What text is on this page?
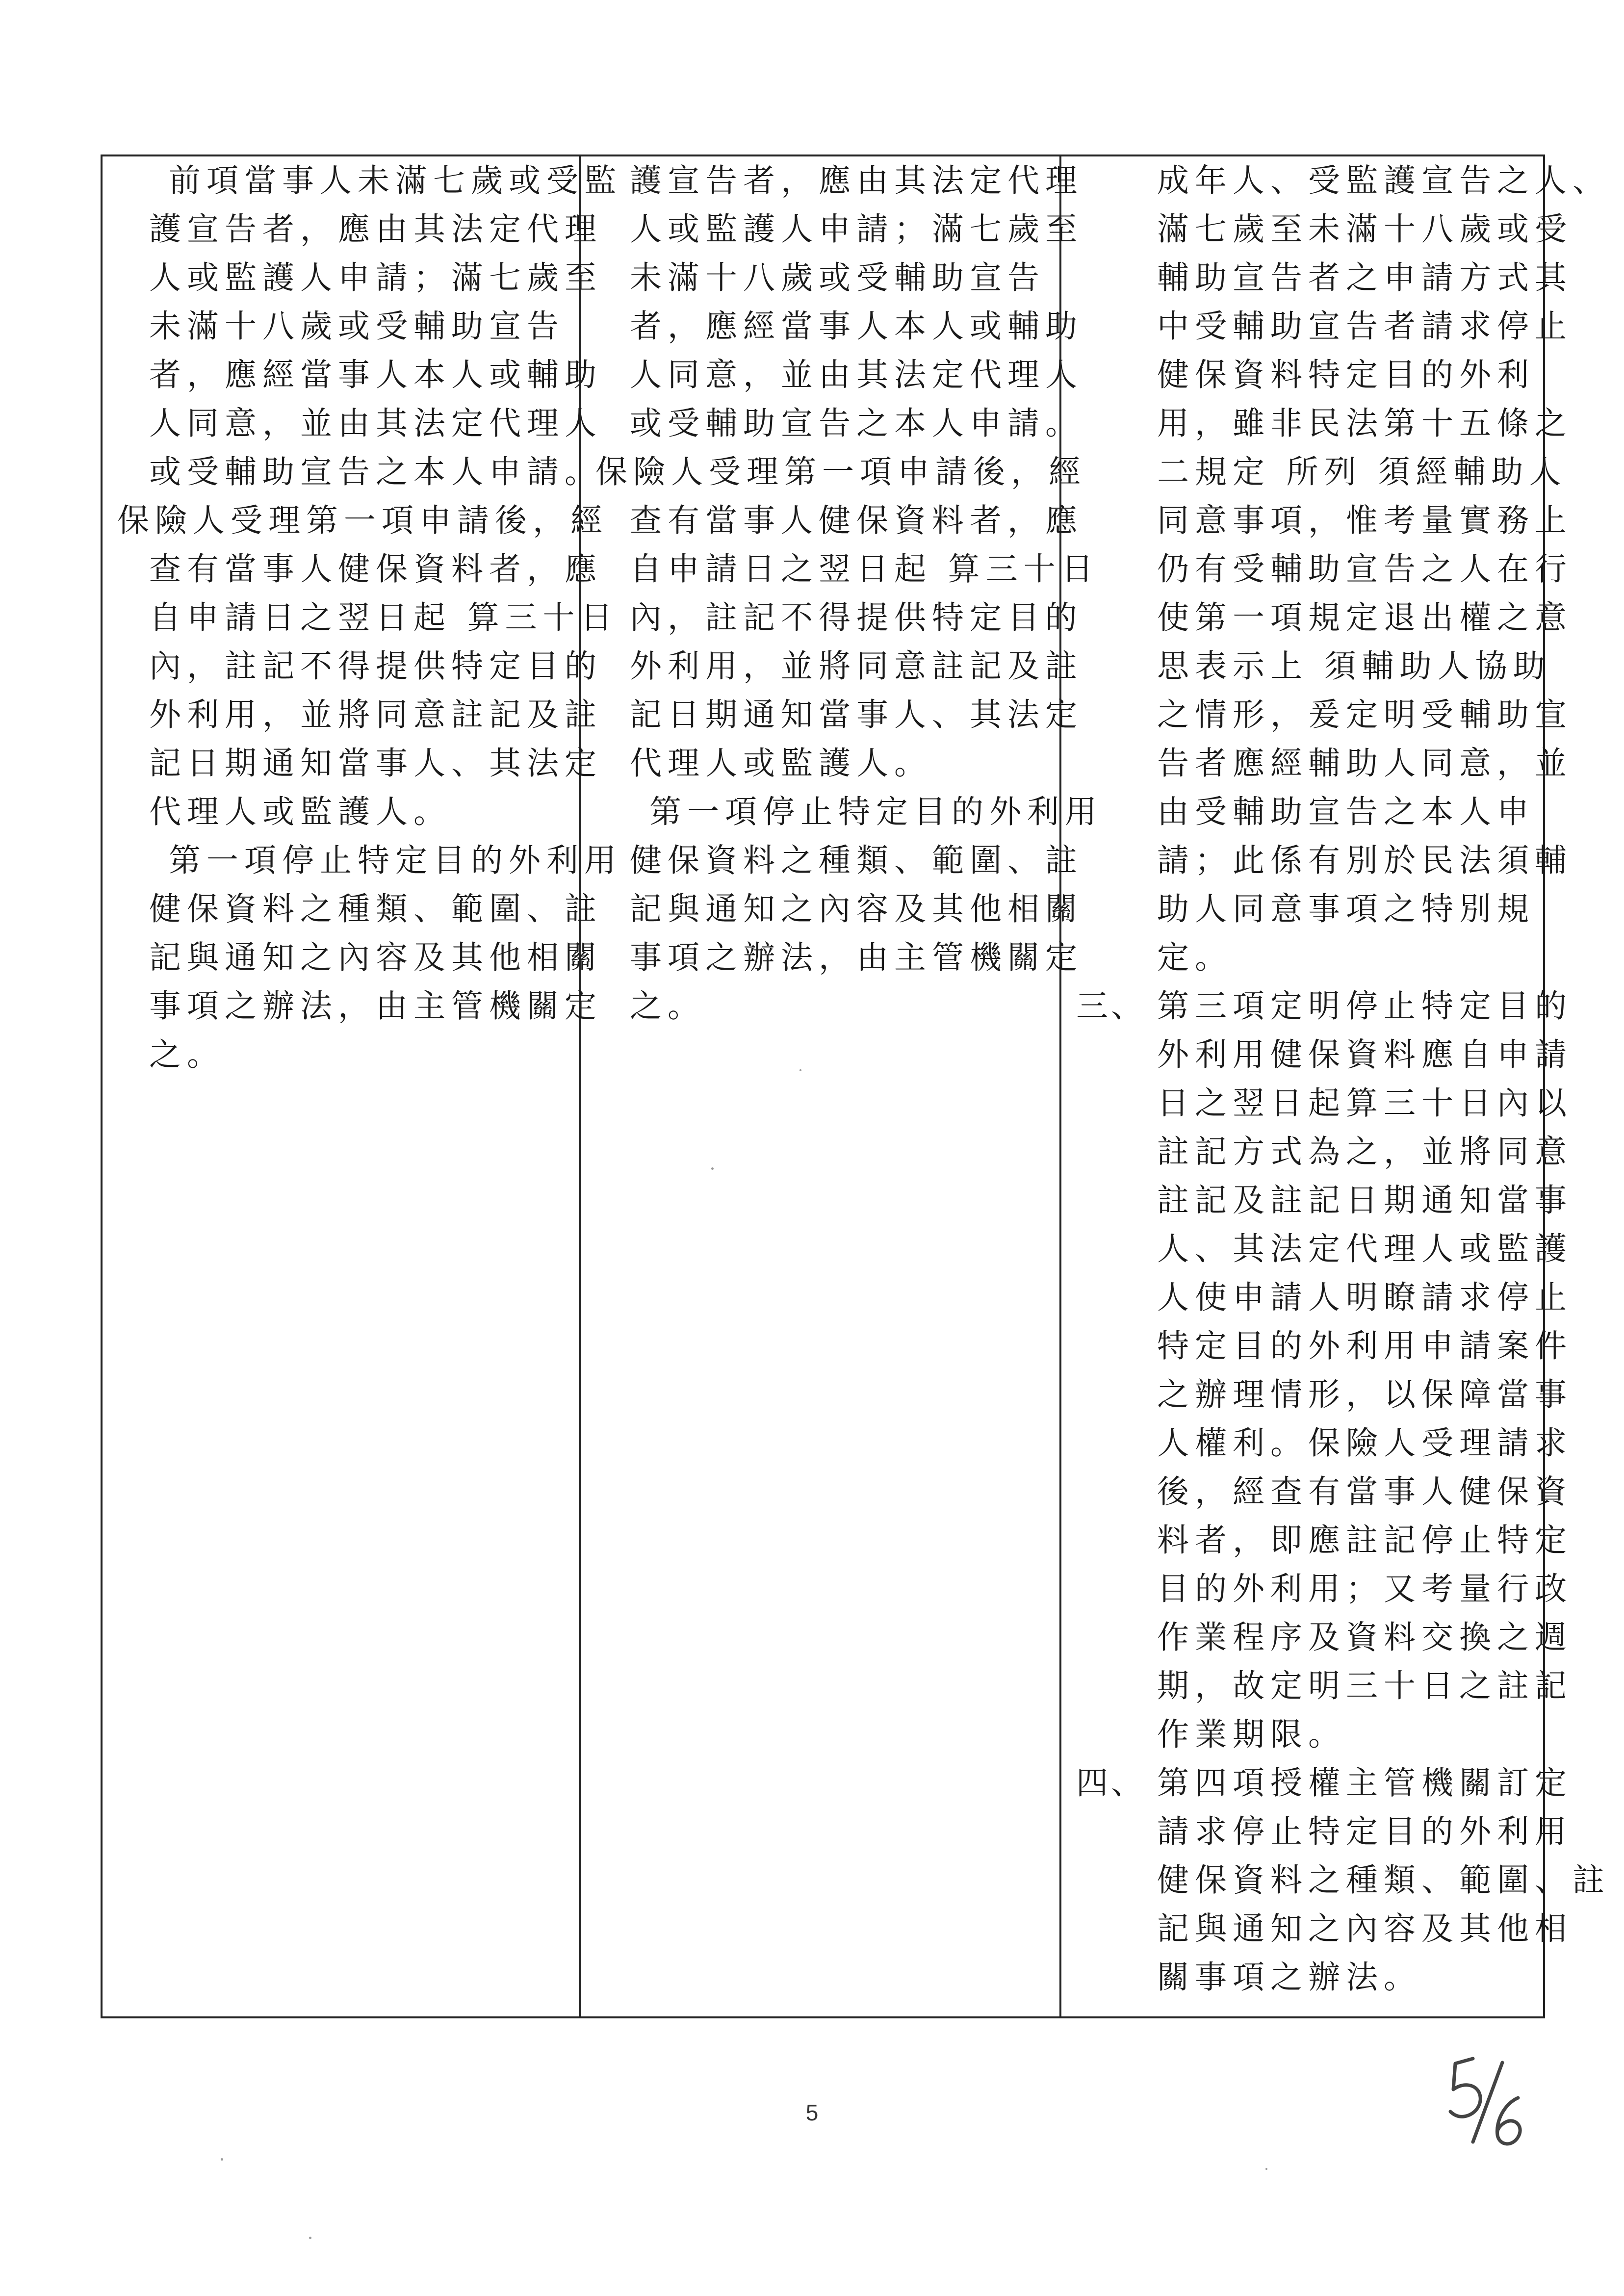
前項當事人未滿七歲或受監
護宣告者，應由其法定代理
人或監護人申請；滿七歲至
未滿十八歲或受輔助宣告
者，應經當事人本人或輔助
人同意，並由其法定代理人
或受輔助宣告之本人申請。
保險人受理第一項申請後，經
查有當事人健保資料者，應
自申請日之翌日起 算三十日
內，註記不得提供特定目的
外利用，並將同意註記及註
記日期通知當事人、其法定
代理人或監護人。
第一項停止特定目的外利用
健保資料之種類、範圍、註
記與通知之內容及其他相關
事項之辦法，由主管機關定
之。
護宣告者，應由其法定代理
人或監護人申請；滿七歲至
未滿十八歲或受輔助宣告
者，應經當事人本人或輔助
人同意，並由其法定代理人
或受輔助宣告之本人申請。
保險人受理第一項申請後，經
查有當事人健保資料者，應
自申請日之翌日起 算三十日
內，註記不得提供特定目的
外利用，並將同意註記及註
記日期通知當事人、其法定
代理人或監護人。
第一項停止特定目的外利用
健保資料之種類、範圍、註
記與通知之內容及其他相關
事項之辦法，由主管機關定
之。
成年人、受監護宣告之人、
滿七歲至未滿十八歲或受
輔助宣告者之申請方式其
中受輔助宣告者請求停止
健保資料特定目的外利
用，雖非民法第十五條之
二規定 所列 須經輔助人
同意事項，惟考量實務上
仍有受輔助宣告之人在行
使第一項規定退出權之意
思表示上 須輔助人協助
之情形，爰定明受輔助宣
告者應經輔助人同意，並
由受輔助宣告之本人申
請；此係有別於民法須輔
助人同意事項之特別規
定。
三、 第三項定明停止特定目的
外利用健保資料應自申請
日之翌日起算三十日內以
註記方式為之，並將同意
註記及註記日期通知當事
人、其法定代理人或監護
人使申請人明瞭請求停止
特定目的外利用申請案件
之辦理情形，以保障當事
人權利。保險人受理請求
後，經查有當事人健保資
料者，即應註記停止特定
目的外利用；又考量行政
作業程序及資料交換之週
期，故定明三十日之註記
作業期限。
四、 第四項授權主管機關訂定
請求停止特定目的外利用
健保資料之種類、範圍、註
記與通知之內容及其他相
關事項之辦法。
5
